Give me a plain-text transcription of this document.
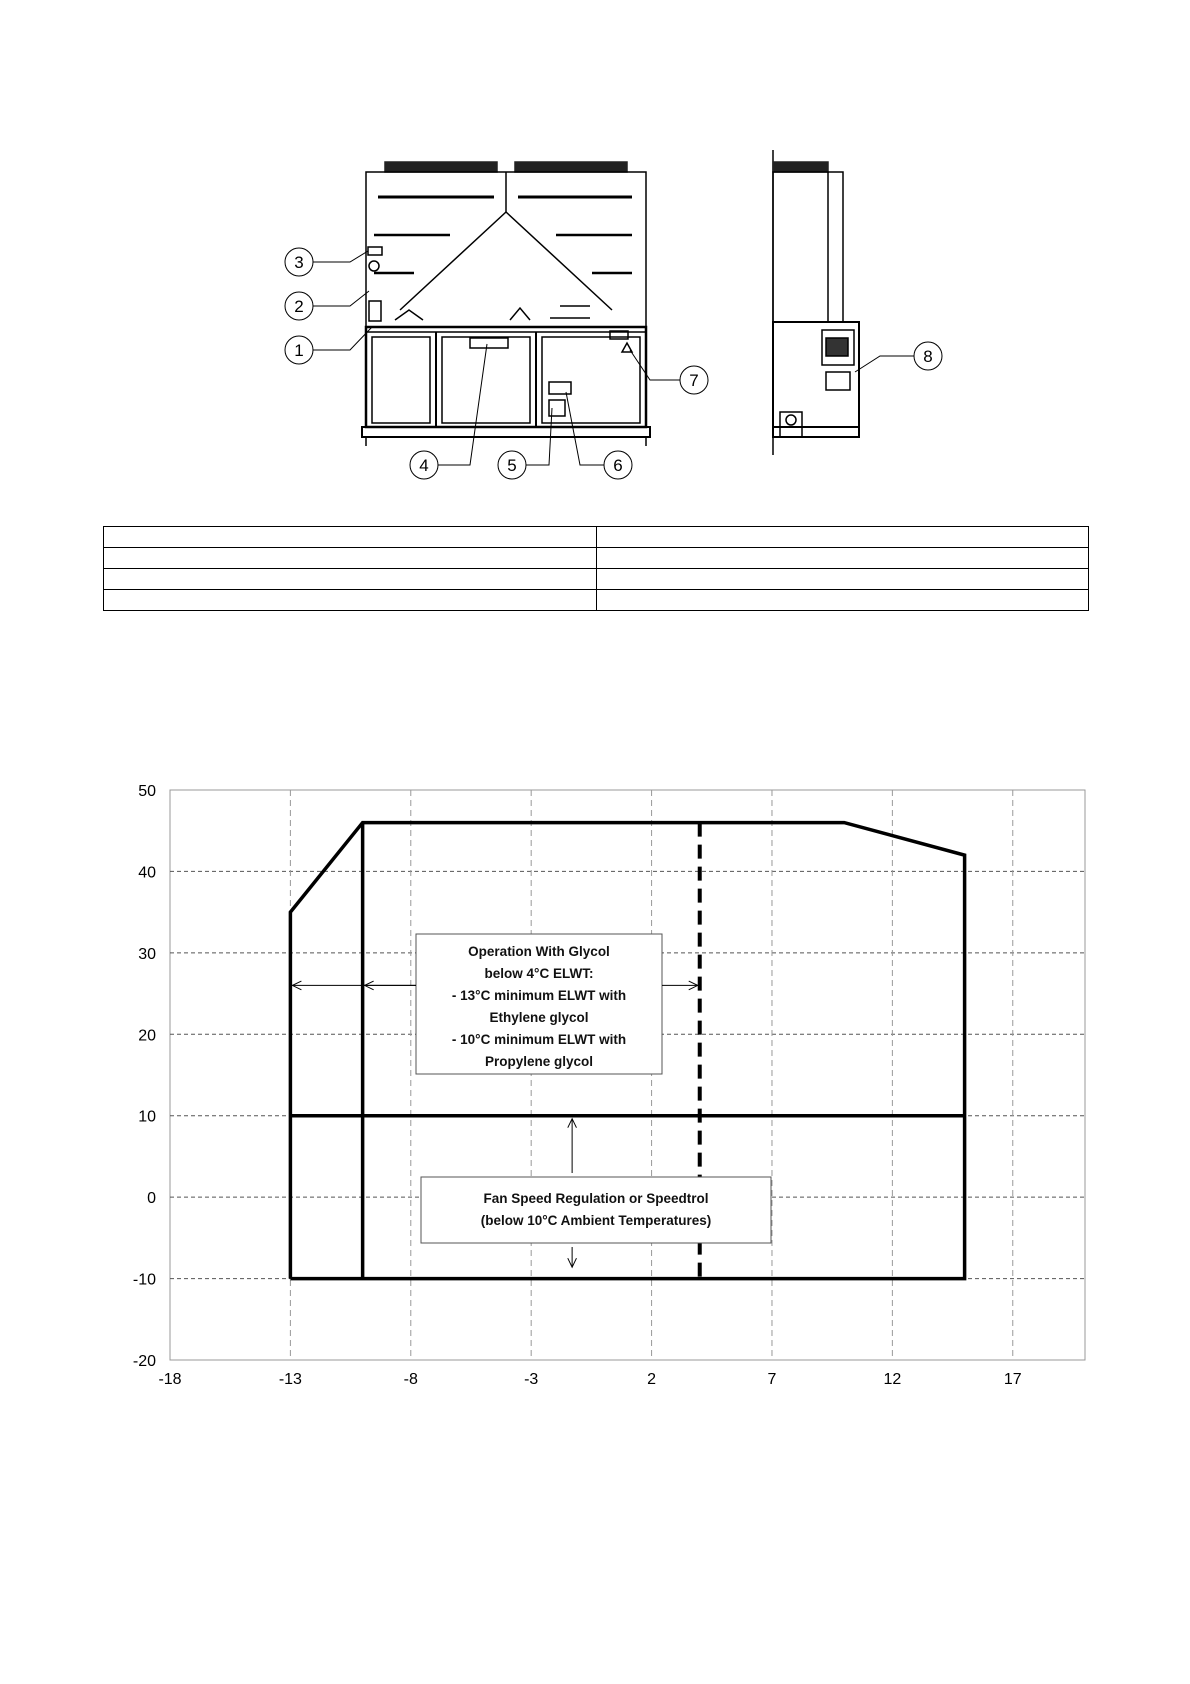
3
2
1
4	5	6
7
8

50
40
30
20
10
0
-10
-20
-18	-13	-8	-3	2	7	12	17
Operation With Glycol
below 4°C ELWT:
- 13°C minimum ELWT with
Ethylene glycol
- 10°C minimum ELWT with
Propylene glycol
Fan Speed Regulation or Speedtrol
(below 10°C Ambient Temperatures)
